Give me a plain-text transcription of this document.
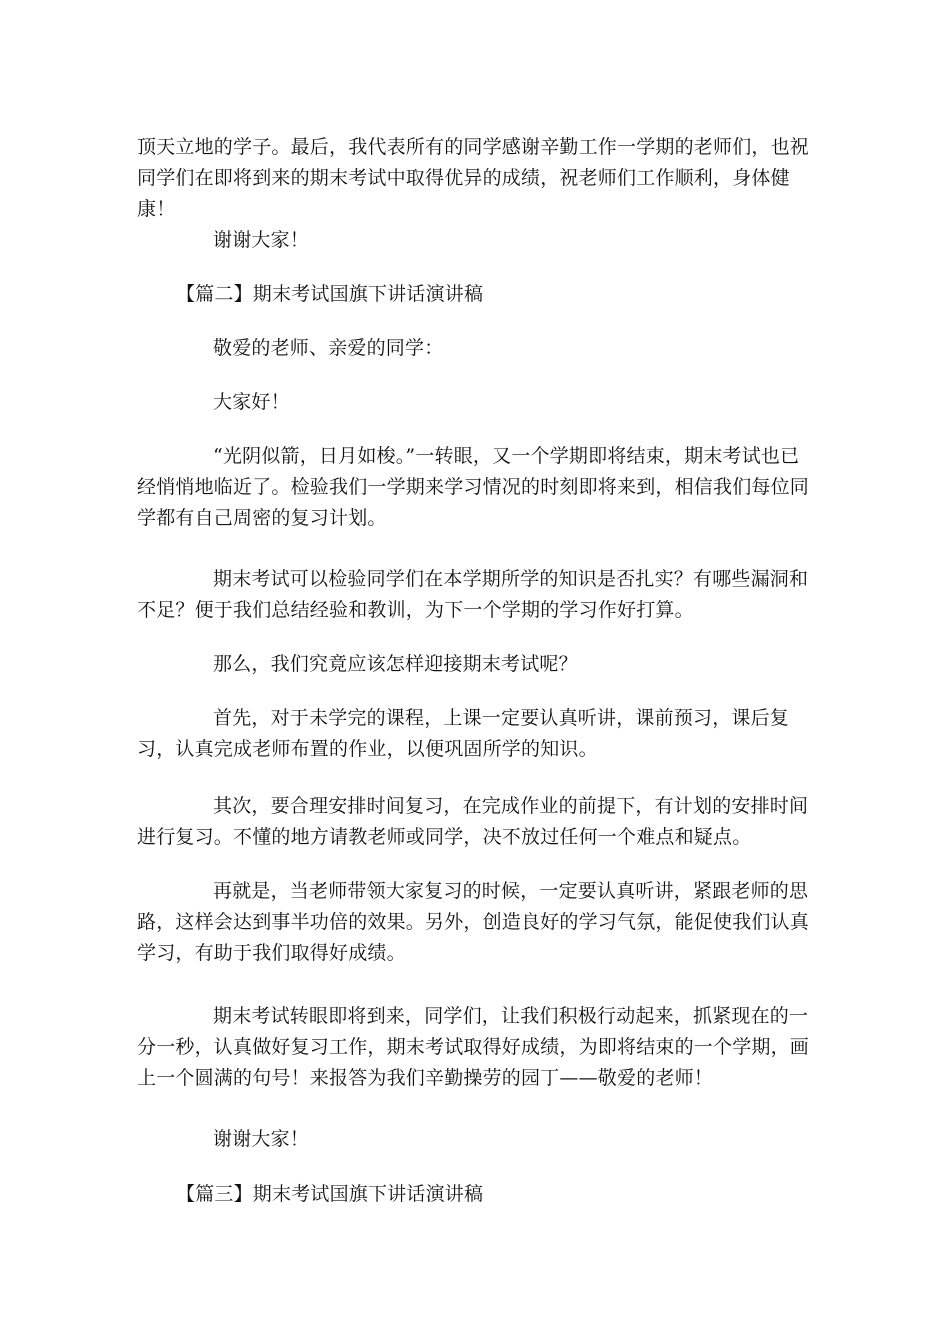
顶天立地的学子。最后，我代表所有的同学感谢辛勤工作一学期的老师们，也祝同学们在即将到来的期末考试中取得优异的成绩，祝老师们工作顺利，身体健康！

谢谢大家！

【篇二】期末考试国旗下讲话演讲稿

敬爱的老师、亲爱的同学：

大家好！

“光阴似箭，日月如梭。”一转眼，又一个学期即将结束，期末考试也已经悄悄地临近了。检验我们一学期来学习情况的时刻即将来到，相信我们每位同学都有自己周密的复习计划。

期末考试可以检验同学们在本学期所学的知识是否扎实？有哪些漏洞和不足？便于我们总结经验和教训，为下一个学期的学习作好打算。

那么，我们究竟应该怎样迎接期末考试呢？

首先，对于未学完的课程，上课一定要认真听讲，课前预习，课后复习，认真完成老师布置的作业，以便巩固所学的知识。

其次，要合理安排时间复习，在完成作业的前提下，有计划的安排时间进行复习。不懂的地方请教老师或同学，决不放过任何一个难点和疑点。

再就是，当老师带领大家复习的时候，一定要认真听讲，紧跟老师的思路，这样会达到事半功倍的效果。另外，创造良好的学习气氛，能促使我们认真学习，有助于我们取得好成绩。

期末考试转眼即将到来，同学们，让我们积极行动起来，抓紧现在的一分一秒，认真做好复习工作，期末考试取得好成绩，为即将结束的一个学期，画上一个圆满的句号！来报答为我们辛勤操劳的园丁——敬爱的老师！

谢谢大家！

【篇三】期末考试国旗下讲话演讲稿
